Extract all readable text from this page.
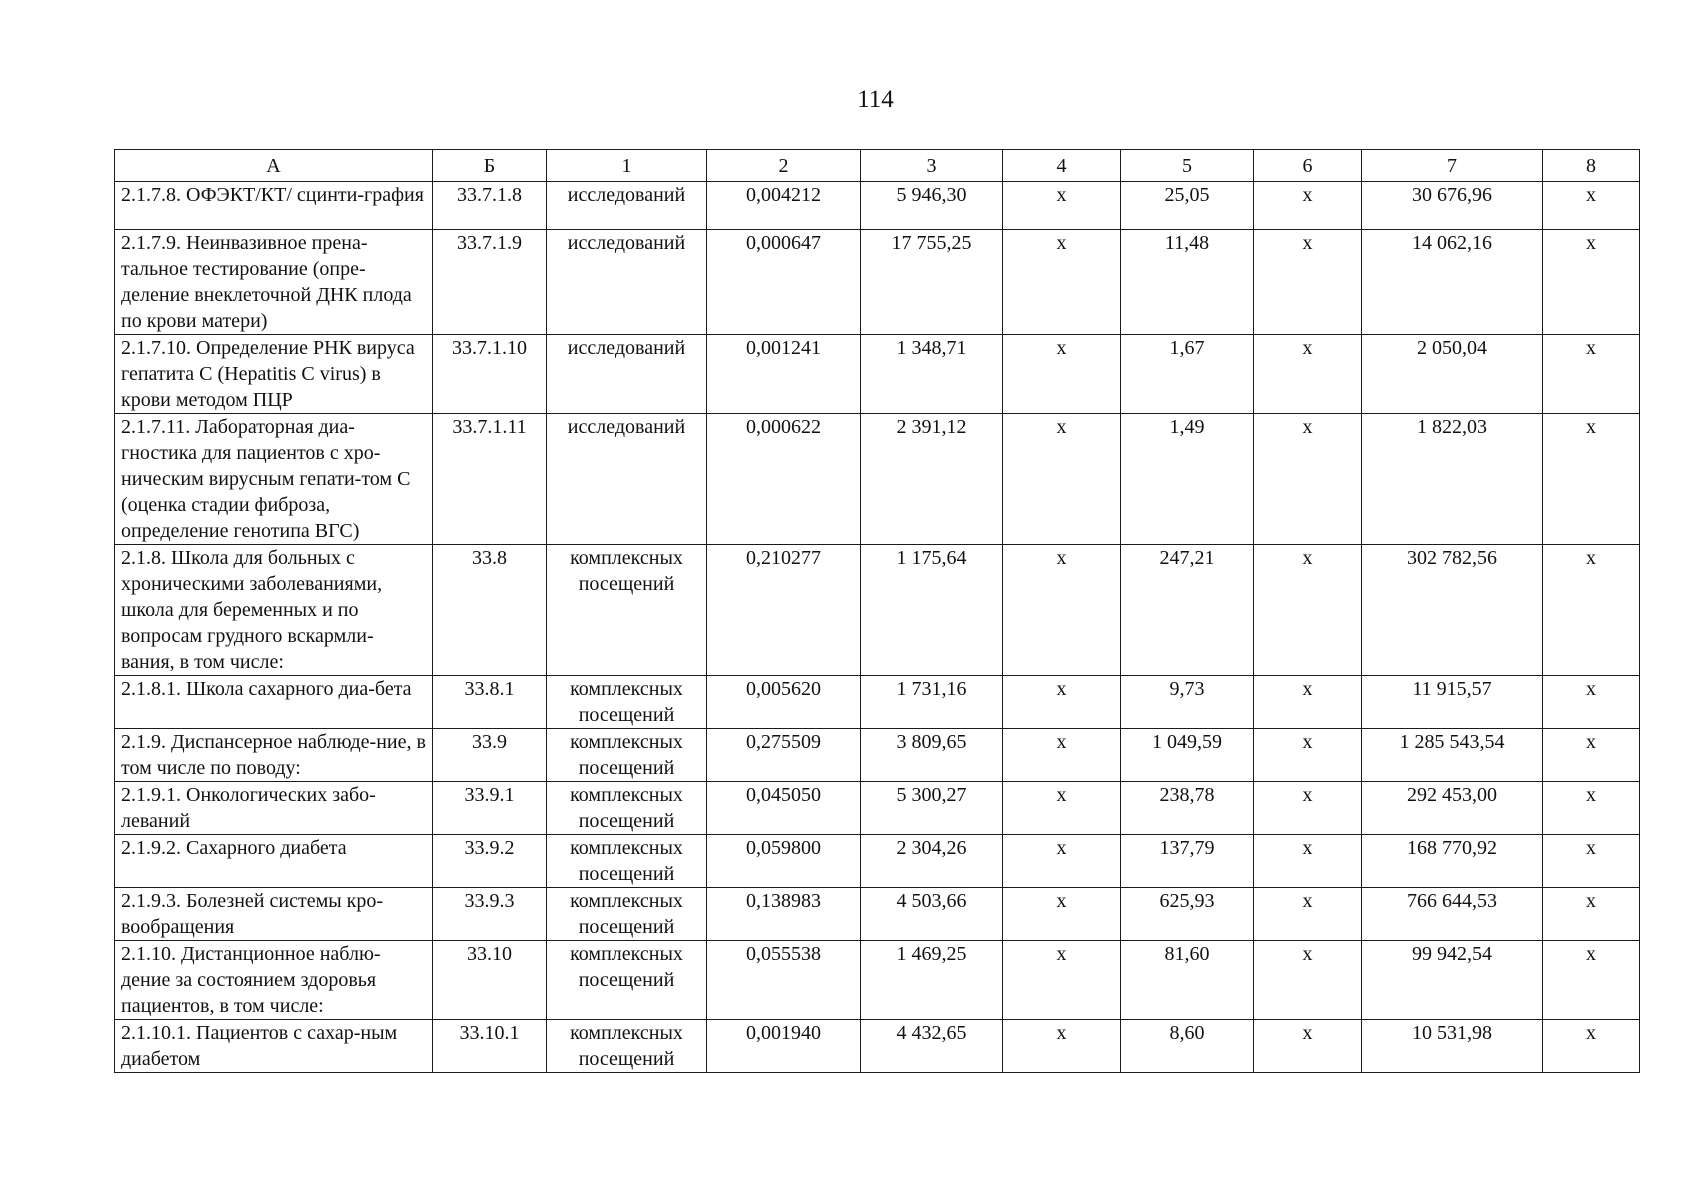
114
А	Б	1	2	3	4	5	6	7	8
2.1.7.8. ОФЭКТ/КТ/ сцинти-графия	33.7.1.8	исследований	0,004212	5 946,30	x	25,05	x	30 676,96	x
2.1.7.9. Неинвазивное прена-тальное тестирование (опре-деление внеклеточной ДНК плода по крови матери)	33.7.1.9	исследований	0,000647	17 755,25	x	11,48	x	14 062,16	x
2.1.7.10. Определение РНК вируса гепатита С (Hepatitis C virus) в крови методом ПЦР	33.7.1.10	исследований	0,001241	1 348,71	x	1,67	x	2 050,04	x
2.1.7.11. Лабораторная диа-гностика для пациентов с хро-ническим вирусным гепати-том С (оценка стадии фиброза, определение генотипа ВГС)	33.7.1.11	исследований	0,000622	2 391,12	x	1,49	x	1 822,03	x
2.1.8. Школа для больных с хроническими заболеваниями, школа для беременных и по вопросам грудного вскармли-вания, в том числе:	33.8	комплексных посещений	0,210277	1 175,64	x	247,21	x	302 782,56	x
2.1.8.1. Школа сахарного диа-бета	33.8.1	комплексных посещений	0,005620	1 731,16	x	9,73	x	11 915,57	x
2.1.9. Диспансерное наблюде-ние, в том числе по поводу:	33.9	комплексных посещений	0,275509	3 809,65	x	1 049,59	x	1 285 543,54	x
2.1.9.1. Онкологических забо-леваний	33.9.1	комплексных посещений	0,045050	5 300,27	x	238,78	x	292 453,00	x
2.1.9.2. Сахарного диабета	33.9.2	комплексных посещений	0,059800	2 304,26	x	137,79	x	168 770,92	x
2.1.9.3. Болезней системы кро-вообращения	33.9.3	комплексных посещений	0,138983	4 503,66	x	625,93	x	766 644,53	x
2.1.10. Дистанционное наблю-дение за состоянием здоровья пациентов, в том числе:	33.10	комплексных посещений	0,055538	1 469,25	x	81,60	x	99 942,54	x
2.1.10.1. Пациентов с сахар-ным диабетом	33.10.1	комплексных посещений	0,001940	4 432,65	x	8,60	x	10 531,98	x
